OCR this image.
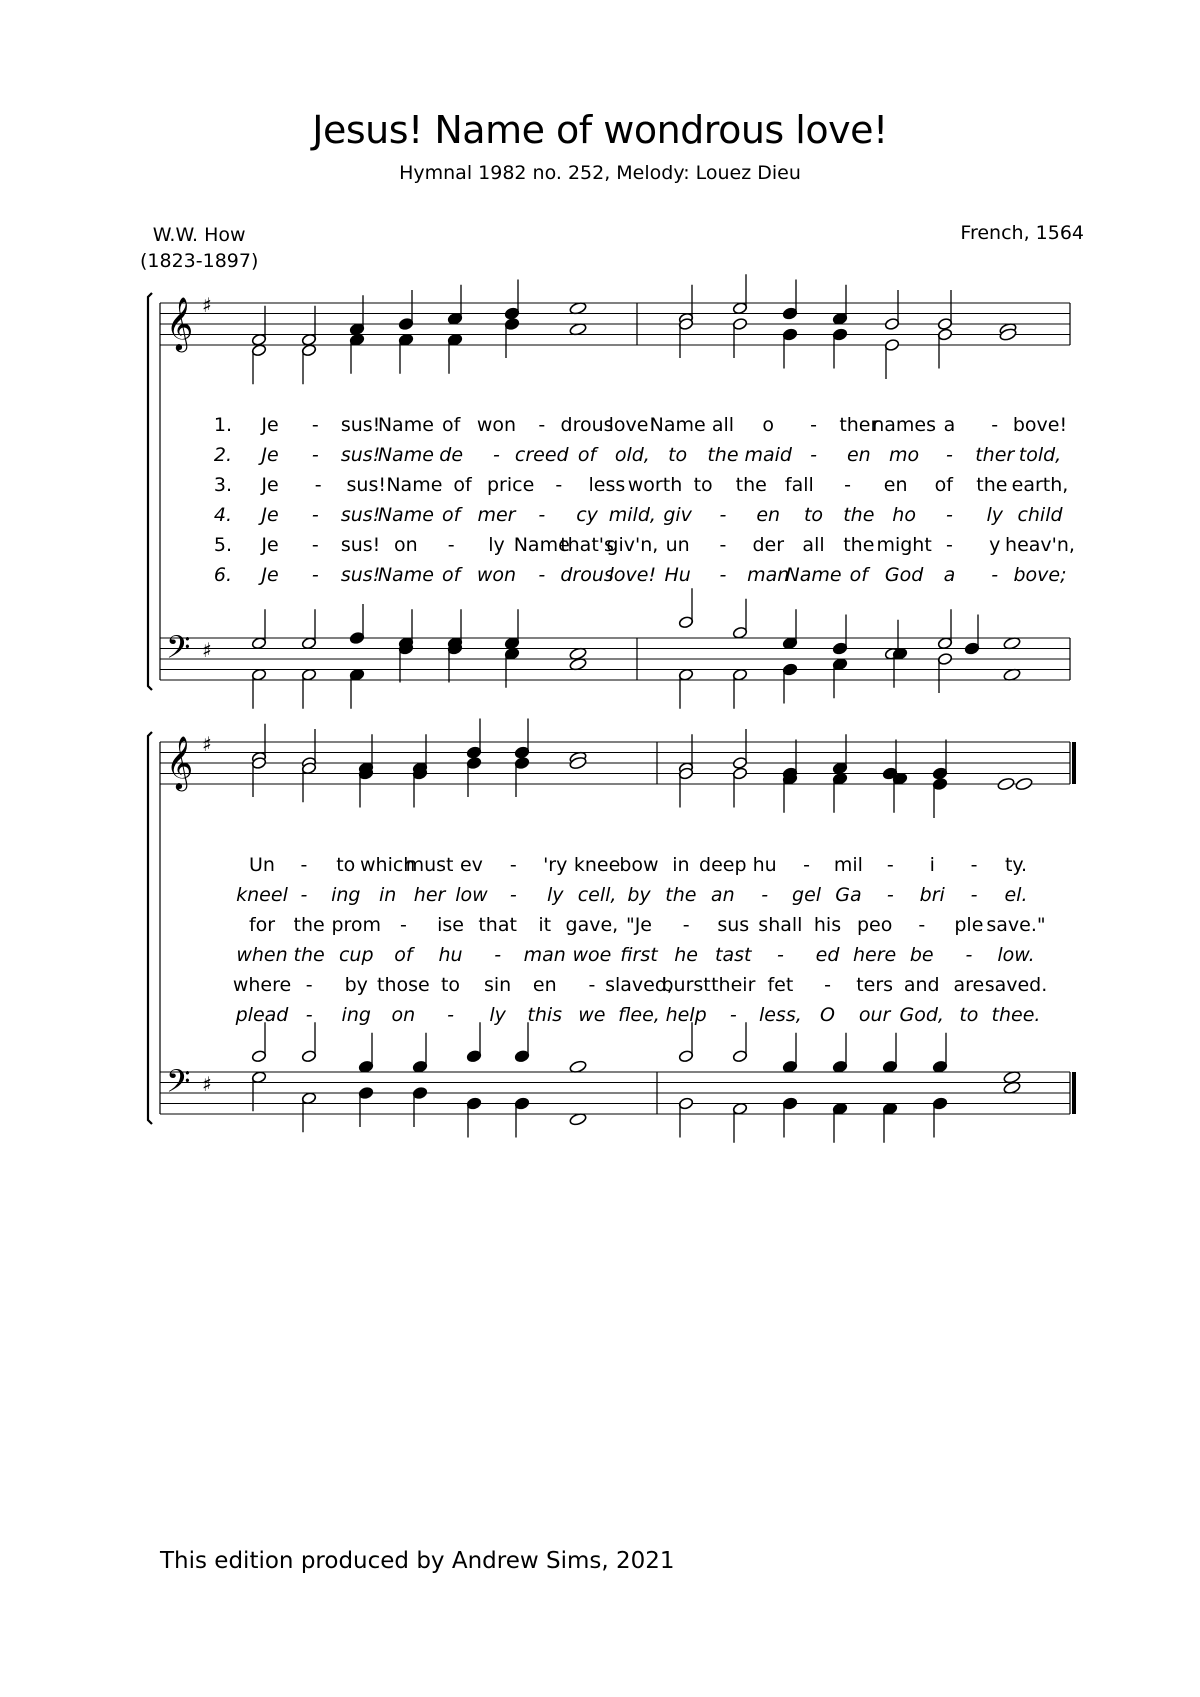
Jesus! Name of wondrous love!
Hymnal 1982 no. 252, Melody: Louez Dieu
W.W. How
(1823-1897)
French, 1564
𝄞 ♯
𝄢 ♯
1. Je - sus!
Name of won - drous
love!
Name all o - ther
names a - bove!
2. Je - sus!
Name de - creed of old, to the maid - en mo - ther told,
3. Je - sus! Name of price - less worth to the fall - en of the earth,
4. Je - sus!
Name of mer - cy mild, giv - en to the ho - ly child
5. Je - sus! on - ly Name
that's
giv'n, un - der all the might - y heav'n,
6. Je - sus!
Name of won - drous
love! Hu - man
Name of God a - bove;
𝄞 ♯
𝄢 ♯
Un - to which
must ev - 'ry knee bow in deep hu - mil - i - ty.
kneel - ing in her low - ly cell, by the an - gel Ga - bri - el.
for the prom - ise that it gave, "Je - sus shall his peo - ple save."
when the cup of hu - man woe first he tast - ed here be - low.
where - by those to sin en - slaved,
burst their fet - ters and are saved.
plead - ing on - ly this we flee, help - less, O our God, to thee.
This edition produced by Andrew Sims, 2021
